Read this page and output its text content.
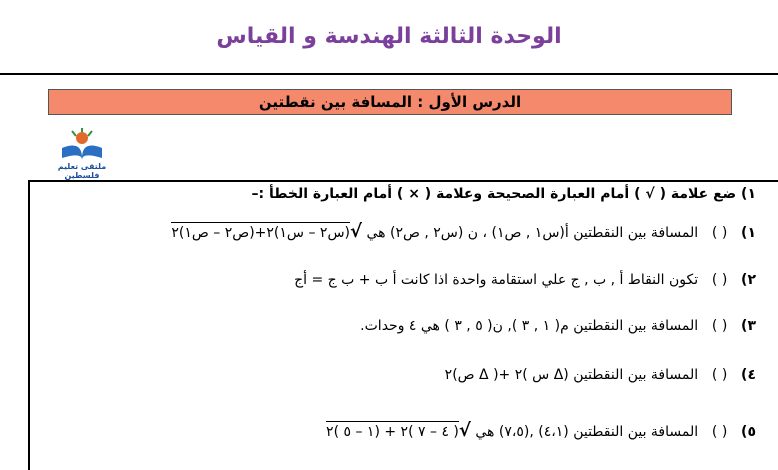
الوحدة الثالثة الهندسة و القياس
الدرس الأول : المسافة بين نقطتين
ملتقى تعليم فلسطين
١) ضع علامة ( √ ) أمام العبارة الصحيحة وعلامة ( × ) أمام العبارة الخطأ :–
١) ( ) المسافة بين النقطتين أ(س١ , ص١) ، ن (س٢ , ص٢) هي √(س٢ – س١)٢+(ص٢ – ص١)٢
٢) ( ) تكون النقاط أ , ب , ج علي استقامة واحدة اذا كانت أ ب + ب ج = أج
٣) ( ) المسافة بين النقطتين م( ١ , ٣ ), ن( ٥ , ٣ ) هي ٤ وحدات.
٤) ( ) المسافة بين النقطتين (Δ س )٢ +( Δ ص)٢
٥) ( ) المسافة بين النقطتين (٤،١) ,(٧،٥) هي √( ٤ – ٧ )٢ + (١ – ٥ )٢
